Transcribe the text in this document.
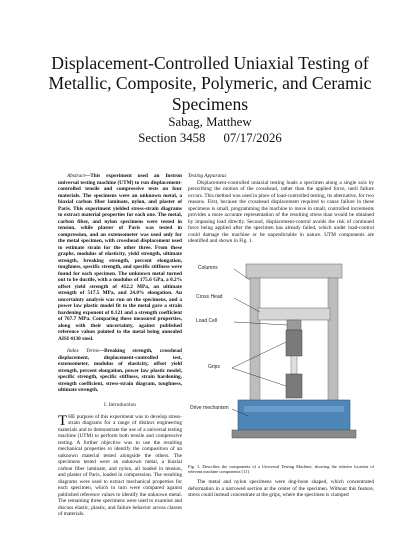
Displacement-Controlled Uniaxial Testing of Metallic, Composite, Polymeric, and Ceramic Specimens
Sabag, Matthew
Section 3458 07/17/2026

Abstract—This experiment used an Instron universal testing machine (UTM) to run displacement-controlled tensile and compressive tests on four materials. The specimens were an unknown metal, a biaxial carbon fiber laminate, nylon, and plaster of Paris. This experiment yielded stress-strain diagrams to extract material properties for each one. The metal, carbon fiber, and nylon specimens were tested in tension, while plaster of Paris was tested in compression, and an extensometer was used only for the metal specimen, with crosshead displacement used to estimate strain for the other three. From these graphs, modulus of elasticity, yield strength, ultimate strength, breaking strength, percent elongation, toughness, specific strength, and specific stiffness were found for each specimen. The unknown metal turned out to be ductile, with a modulus of 175.6 GPa, a 0.2% offset yield strength of 412.2 MPa, an ultimate strength of 517.5 MPa, and 24.0% elongation. An uncertainty analysis was run on the specimens, and a power law plastic model fit to the metal gave a strain hardening exponent of 0.121 and a strength coefficient of 767.7 MPa. Comparing these measured properties, along with their uncertainty, against published reference values pointed to the metal being annealed AISI 4130 steel.

Index Terms—Breaking strength, crosshead displacement, displacement-controlled test, extensometer, modulus of elasticity, offset yield strength, percent elongation, power law plastic model, specific strength, specific stiffness, strain hardening, strength coefficient, stress-strain diagram, toughness, ultimate strength.

I. Introduction

THE purpose of this experiment was to develop stress-strain diagrams for a range of distinct engineering materials and to demonstrate the use of a universal testing machine (UTM) to perform both tensile and compressive testing. A further objective was to use the resulting mechanical properties to identify the composition of an unknown material tested alongside the others. The specimens tested were an unknown metal, a biaxial carbon fiber laminate, and nylon, all loaded in tension, and plaster of Paris, loaded in compression. The resulting diagrams were used to extract mechanical properties for each specimen, which in turn were compared against published reference values to identify the unknown metal. The remaining three specimens were used to examine and discuss elastic, plastic, and failure behavior across classes of materials.

Testing Apparatus

Displacement-controlled uniaxial testing loads a specimen along a single axis by prescribing the motion of the crosshead, rather than the applied force, until failure occurs. This method was used in place of load-controlled testing, its alternative, for two reasons. First, because the crosshead displacement required to cause failure in these specimens is small, programming the machine to move in small, controlled increments provides a more accurate representation of the resulting stress than would be obtained by imposing load directly. Second, displacement-control avoids the risk of continued force being applied after the specimen has already failed, which under load-control could damage the machine or be unpredictable in nature. UTM components are identified and shown in Fig. 1.

Columns
Cross Head
Load Cell
Grips
Drive mechanism

Fig. 1. Describes the components of a Universal Testing Machine, showing the relative location of relevant machine components [11].

The metal and nylon specimens were dog-bone shaped, which concentrated deformation in a narrowed section at the center of the specimen. Without this feature, stress could instead concentrate at the grips, where the specimen is clamped
